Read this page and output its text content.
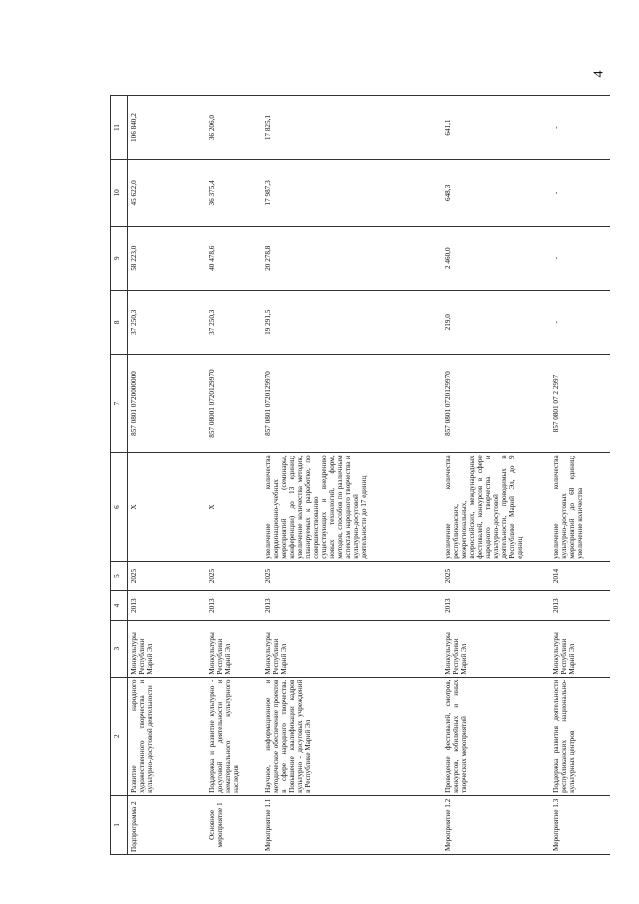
4
1	2	3	4	5	6	7	8	9	10	11
Подпрограмма 2	Развитие народного художественного творчества и культурно-досуговой деятельности	Минкультуры Республики Марий Эл	2013	2025	X	857 0801 0720000000	37 250,3	58 223,0	45 622,0	106 840,2
Основное мероприятие 1	Поддержка и развитие культурно - досуговой деятельности и нематериального культурного наследия	Минкультуры Республики Марий Эл	2013	2025	X	857 08001 0720129970	37 250,3	40 478,6	36 375,4	36 206,0
Мероприятие 1.1	Научное, информационное и методическое обеспечение проектов в сфере народного творчества. Повышение квалификации кадров культурно - досуговых учреждений в Республике Марий Эл	Минкультуры Республики Марий Эл	2013	2025	увеличение количества координационно-учебных мероприятий (семинары, конференции) до 13 единиц; увеличение количества методик, планируемых к разработке, по совершенствованию существующих и внедрению новых технологий, форм, методов, способов по различным аспектам народного творчества и культурно-досуговой деятельности до 17 единиц	857 0801 0720129970	19 291,5	20 278,8	17 987,3	17 825,1
Мероприятие 1.2	Проведение фестивалей, смотров, конкурсов, юбилейных и иных творческих мероприятий	Минкультуры Республики Марий Эл	2013	2025	увеличение количества республиканских, межрегиональных, всероссийских, международных фестивалей, конкурсов в сфере народного творчества и культурно-досуговой деятельности, проводимых в Республике Марий Эл, до 9 единиц	857 0801 0720129970	219,0	2 460,0	648,3	641,1
Мероприятие 1.3	Поддержка развития деятельности республиканских национально-культурных центров	Минкультуры Республики Марий Эл	2013	2014	увеличение количества культурно-досуговых мероприятий до 68 единиц; увеличение количества	857 0801 07 2 2997	-	-	-	-
